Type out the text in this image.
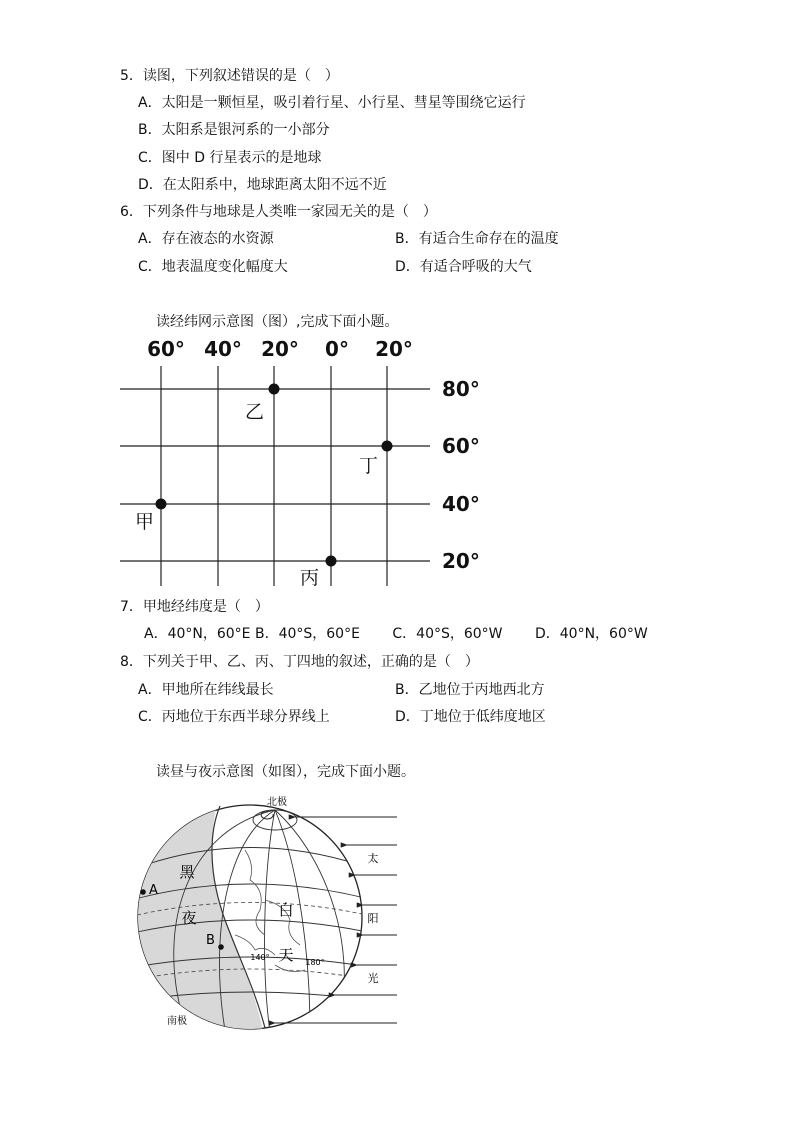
5．读图，下列叙述错误的是（　）
A．太阳是一颗恒星，吸引着行星、小行星、彗星等围绕它运行
B．太阳系是银河系的一小部分
C．图中 D 行星表示的是地球
D．在太阳系中，地球距离太阳不远不近
6．下列条件与地球是人类唯一家园无关的是（　）
A．存在液态的水资源	B．有适合生命存在的温度
C．地表温度变化幅度大	D．有适合呼吸的大气
读经纬网示意图（图）,完成下面小题。
60° 40° 20° 0° 20°
80°
60°
40°
20°
甲
乙
丙
丁
7．甲地经纬度是（　）
A．40°N，60°E B．40°S，60°E　　 C．40°S，60°W　　 D．40°N，60°W
8．下列关于甲、乙、丙、丁四地的叙述，正确的是（　）
A．甲地所在纬线最长	B．乙地位于丙地西北方
C．丙地位于东西半球分界线上	D．丁地位于低纬度地区
读昼与夜示意图（如图），完成下面小题。
北极
南极
黑
夜	白
天
A
B
140°
180°
太
阳
光
